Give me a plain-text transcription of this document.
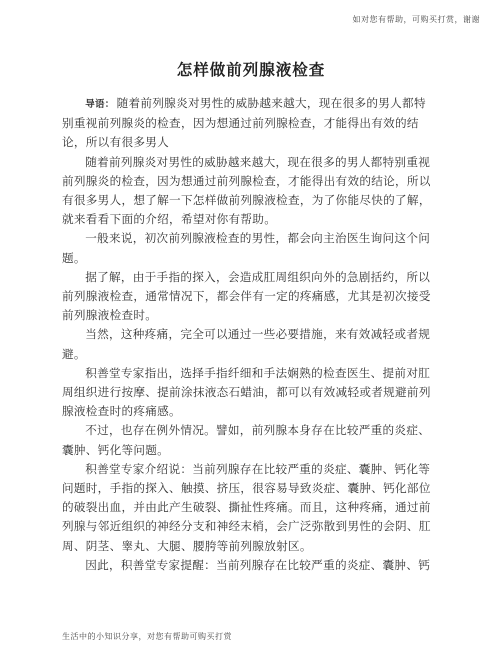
如对您有帮助，可购买打赏，谢谢
怎样做前列腺液检查

导语： 随着前列腺炎对男性的威胁越来越大，现在很多的男人都特别重视前列腺炎的检查，因为想通过前列腺检查，才能得出有效的结论，所以有很多男人

随着前列腺炎对男性的威胁越来越大，现在很多的男人都特别重视前列腺炎的检查，因为想通过前列腺检查，才能得出有效的结论，所以有很多男人，想了解一下怎样做前列腺液检查，为了你能尽快的了解，就来看看下面的介绍，希望对你有帮助。

一般来说，初次前列腺液检查的男性，都会向主治医生询问这个问题。

据了解，由于手指的探入，会造成肛周组织向外的急剧括约，所以前列腺液检查，通常情况下，都会伴有一定的疼痛感，尤其是初次接受前列腺液检查时。

当然，这种疼痛，完全可以通过一些必要措施，来有效减轻或者规避。

积善堂专家指出，选择手指纤细和手法娴熟的检查医生、提前对肛周组织进行按摩、提前涂抹液态石蜡油，都可以有效减轻或者规避前列腺液检查时的疼痛感。

不过，也存在例外情况。譬如，前列腺本身存在比较严重的炎症、囊肿、钙化等问题。

积善堂专家介绍说：当前列腺存在比较严重的炎症、囊肿、钙化等问题时，手指的探入、触摸、挤压，很容易导致炎症、囊肿、钙化部位的破裂出血，并由此产生破裂、撕扯性疼痛。而且，这种疼痛，通过前列腺与邻近组织的神经分支和神经末梢，会广泛弥散到男性的会阴、肛周、阴茎、睾丸、大腿、腰胯等前列腺放射区。

因此，积善堂专家提醒：当前列腺存在比较严重的炎症、囊肿、钙

生活中的小知识分享，对您有帮助可购买打赏
